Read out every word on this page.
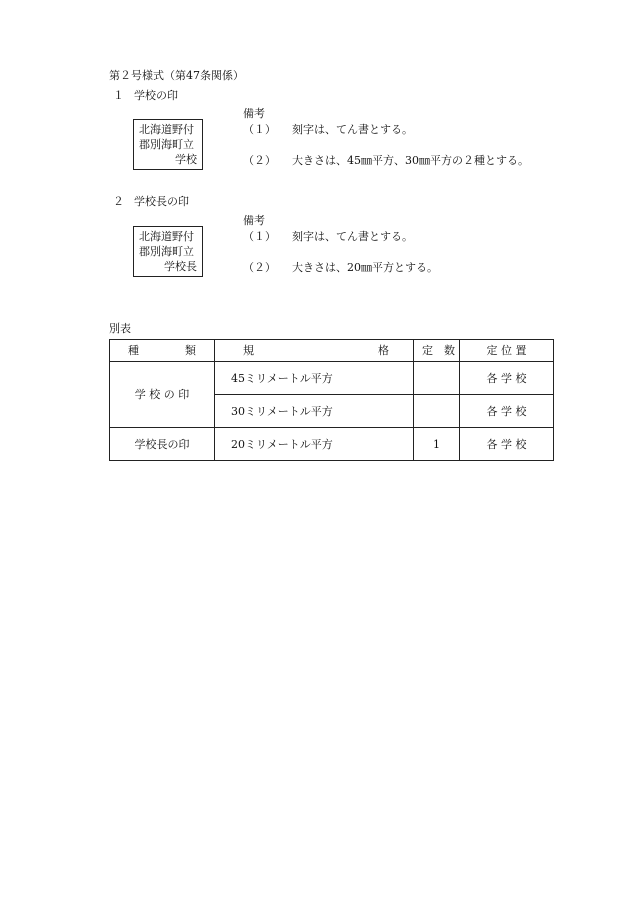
第２号様式（第47条関係）
１ 学校の印
北海道野付
郡別海町立
学校
備考
（１） 刻字は、てん書とする。
（２） 大きさは、45㎜平方、30㎜平方の２種とする。
２ 学校長の印
北海道野付
郡別海町立
学校長
備考
（１） 刻字は、てん書とする。
（２） 大きさは、20㎜平方とする。
別表
種 類	規 格	定　数	定 位 置
学 校 の 印	45ミリメートル平方		各 学 校
	30ミリメートル平方		各 学 校
学校長の印	20ミリメートル平方	1	各 学 校
